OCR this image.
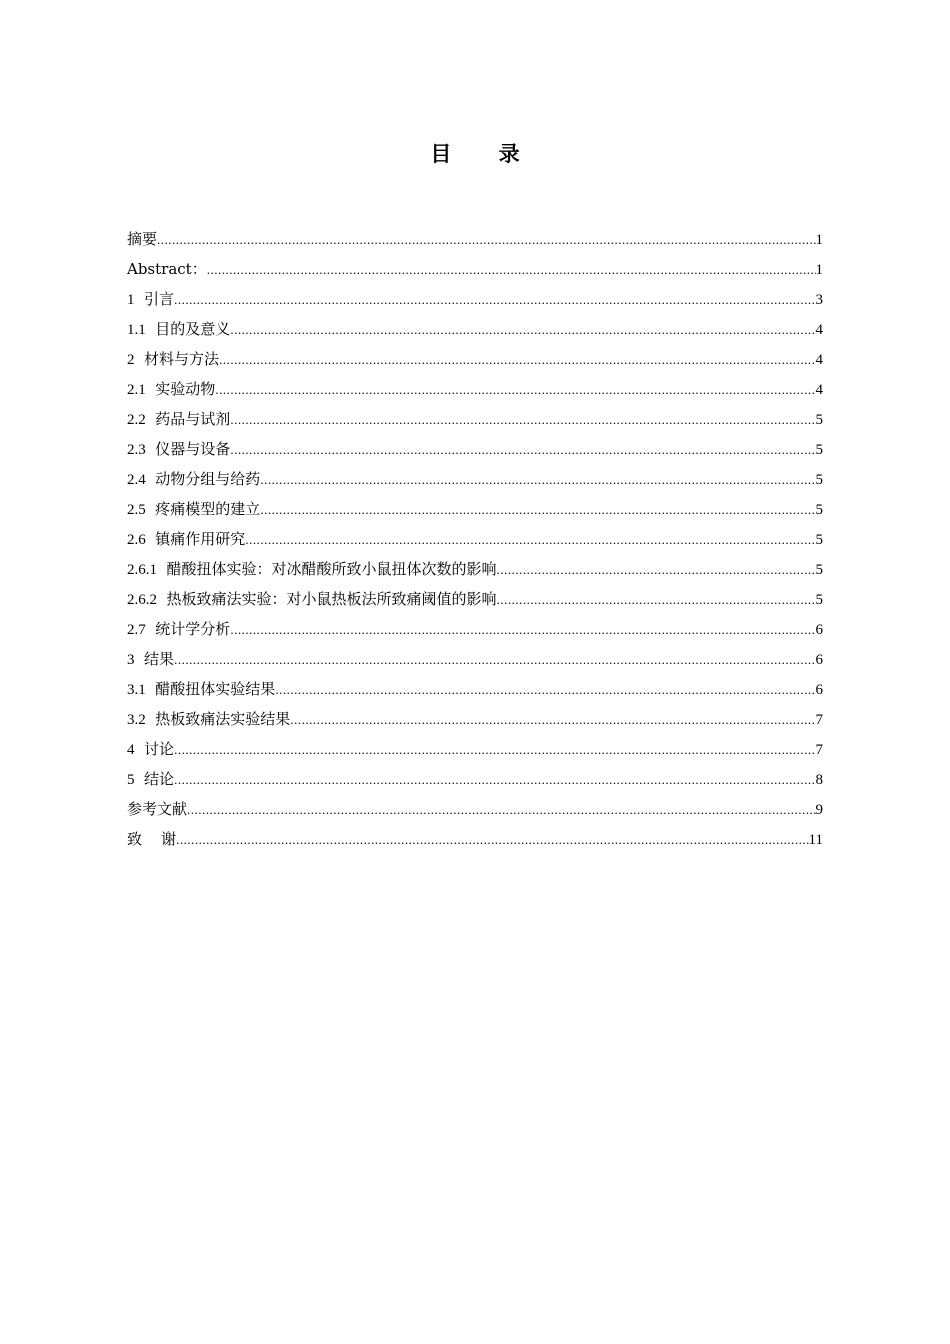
目 录
摘要 .....	1
Abstract： .....	1
1 引言 .....	3
1.1 目的及意义 .....	4
2 材料与方法 .....	4
2.1 实验动物 .....	4
2.2 药品与试剂 .....	5
2.3 仪器与设备 .....	5
2.4 动物分组与给药 .....	5
2.5 疼痛模型的建立 .....	5
2.6 镇痛作用研究 .....	5
2.6.1 醋酸扭体实验：对冰醋酸所致小鼠扭体次数的影响 .....	5
2.6.2 热板致痛法实验：对小鼠热板法所致痛阈值的影响 .....	5
2.7 统计学分析 .....	6
3 结果 .....	6
3.1 醋酸扭体实验结果 .....	6
3.2 热板致痛法实验结果 .....	7
4 讨论 .....	7
5 结论 .....	8
参考文献 .....	9
致    谢 .....	11
